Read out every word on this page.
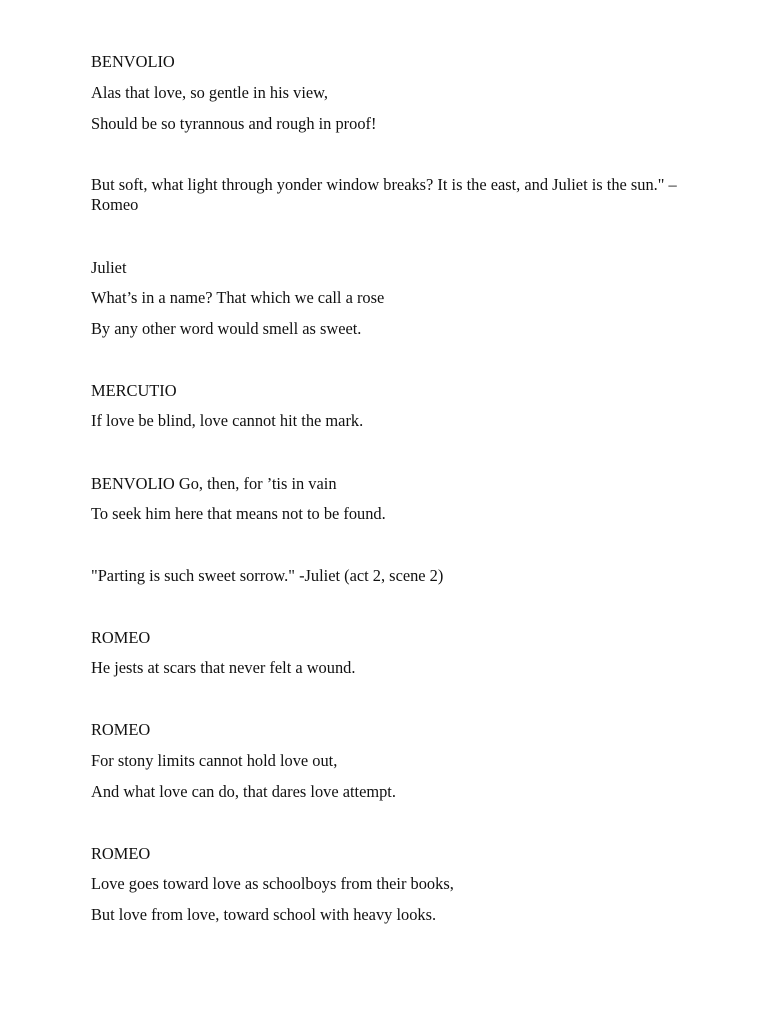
BENVOLIO

Alas that love, so gentle in his view,

Should be so tyrannous and rough in proof!

But soft, what light through yonder window breaks? It is the east, and Juliet is the sun." –Romeo

Juliet

What’s in a name? That which we call a rose

By any other word would smell as sweet.

MERCUTIO

If love be blind, love cannot hit the mark.

BENVOLIO Go, then, for ’tis in vain

To seek him here that means not to be found.

"Parting is such sweet sorrow." -Juliet (act 2, scene 2)

ROMEO

He jests at scars that never felt a wound.

ROMEO

For stony limits cannot hold love out,

And what love can do, that dares love attempt.

ROMEO

Love goes toward love as schoolboys from their books,

But love from love, toward school with heavy looks.
